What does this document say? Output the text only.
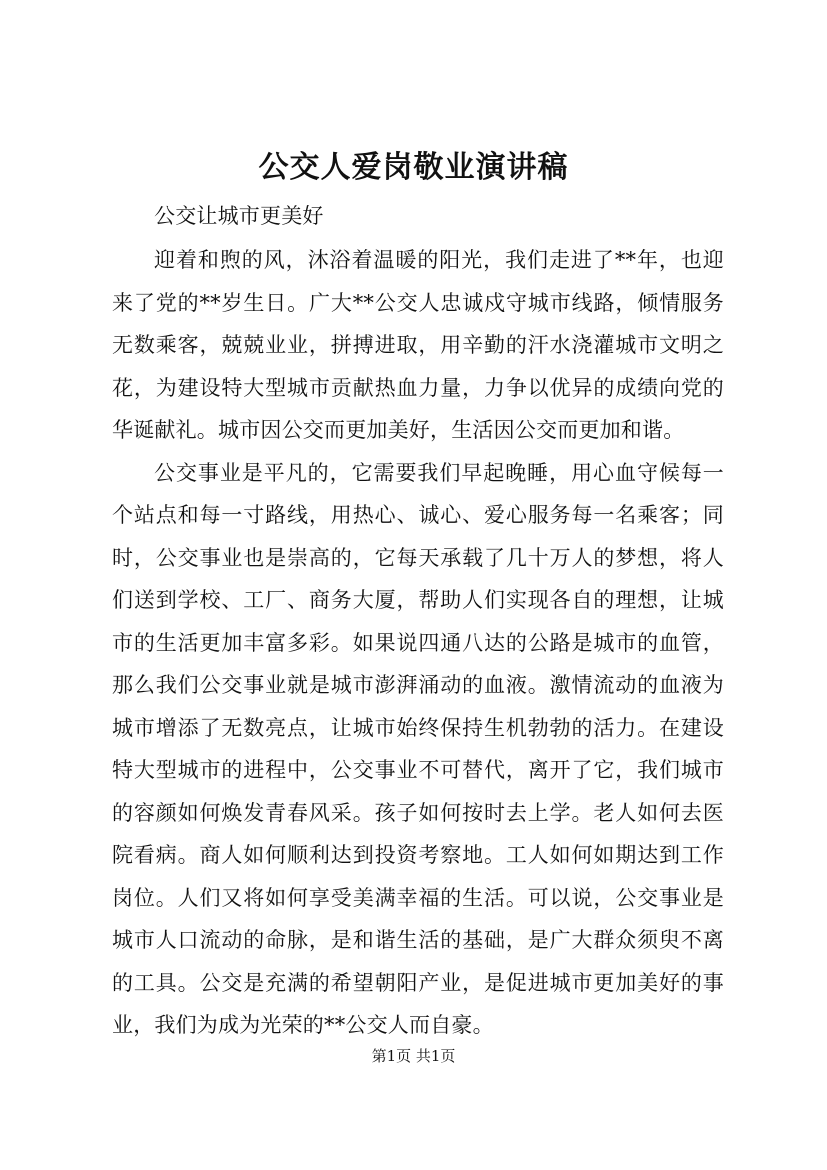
公交人爱岗敬业演讲稿

公交让城市更美好

迎着和煦的风，沐浴着温暖的阳光，我们走进了**年，也迎来了党的**岁生日。广大**公交人忠诚戍守城市线路，倾情服务无数乘客，兢兢业业，拼搏进取，用辛勤的汗水浇灌城市文明之花，为建设特大型城市贡献热血力量，力争以优异的成绩向党的华诞献礼。城市因公交而更加美好，生活因公交而更加和谐。

公交事业是平凡的，它需要我们早起晚睡，用心血守候每一个站点和每一寸路线，用热心、诚心、爱心服务每一名乘客；同时，公交事业也是崇高的，它每天承载了几十万人的梦想，将人们送到学校、工厂、商务大厦，帮助人们实现各自的理想，让城市的生活更加丰富多彩。如果说四通八达的公路是城市的血管，那么我们公交事业就是城市澎湃涌动的血液。激情流动的血液为城市增添了无数亮点，让城市始终保持生机勃勃的活力。在建设特大型城市的进程中，公交事业不可替代，离开了它，我们城市的容颜如何焕发青春风采。孩子如何按时去上学。老人如何去医院看病。商人如何顺利达到投资考察地。工人如何如期达到工作岗位。人们又将如何享受美满幸福的生活。可以说，公交事业是城市人口流动的命脉，是和谐生活的基础，是广大群众须臾不离的工具。公交是充满的希望朝阳产业，是促进城市更加美好的事业，我们为成为光荣的**公交人而自豪。

第1页 共1页
